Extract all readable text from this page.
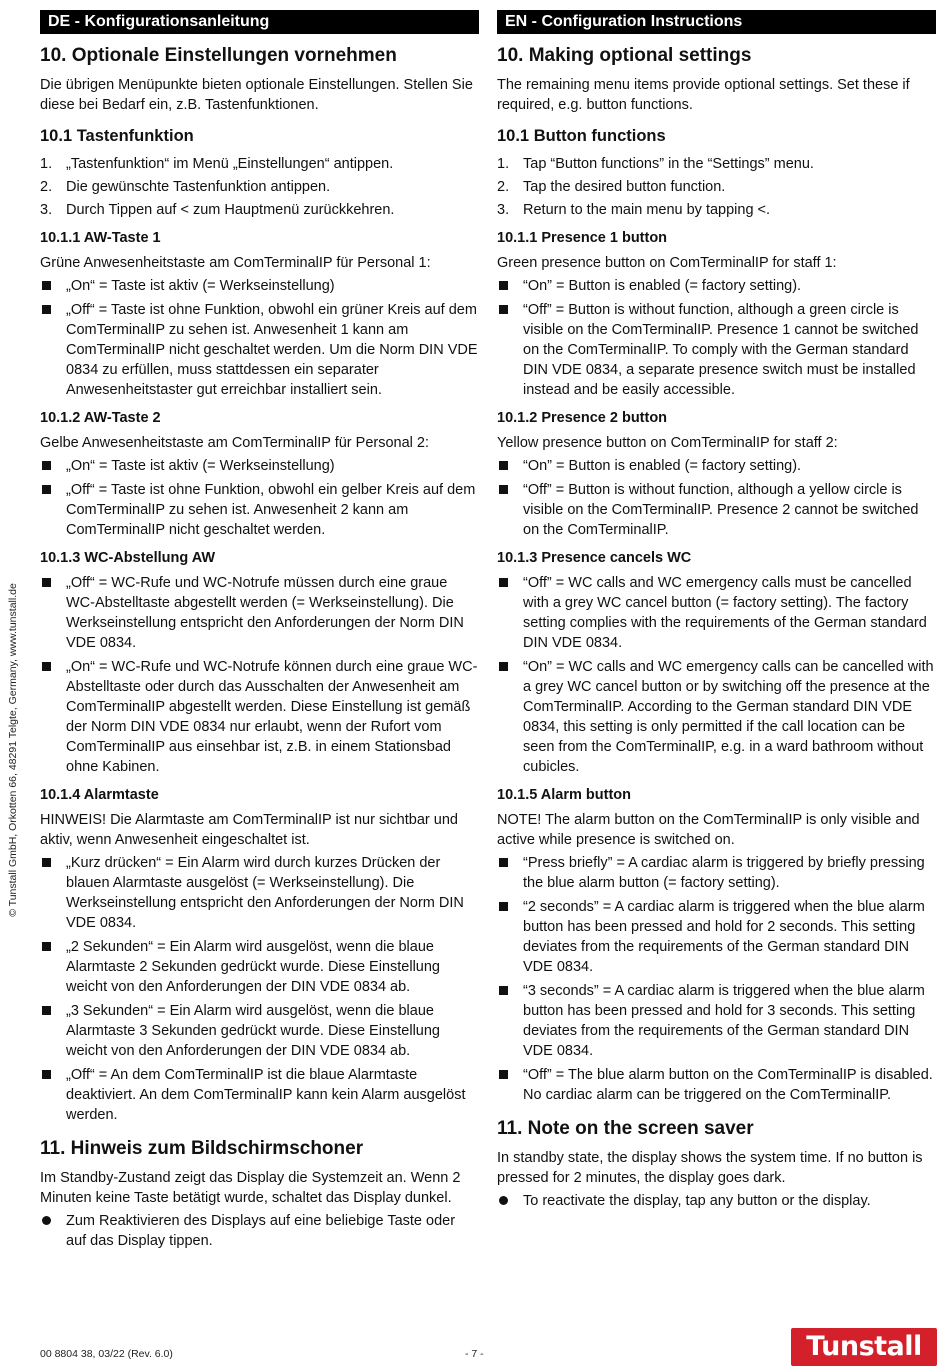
© Tunstall GmbH, Orkotten 66, 48291 Telgte, Germany, www.tunstall.de
DE - Konfigurationsanleitung
10. Optionale Einstellungen vornehmen

Die übrigen Menüpunkte bieten optionale Einstellungen. Stellen Sie diese bei Bedarf ein, z.B. Tastenfunktionen.

10.1 Tastenfunktion
1. „Tastenfunktion“ im Menü „Einstellungen“ antippen.
2. Die gewünschte Tastenfunktion antippen.
3. Durch Tippen auf < zum Hauptmenü zurückkehren.
10.1.1 AW-Taste 1

Grüne Anwesenheitstaste am ComTerminalIP für Personal 1:

„On“ = Taste ist aktiv (= Werkseinstellung)
„Off“ = Taste ist ohne Funktion, obwohl ein grüner Kreis auf dem ComTerminalIP zu sehen ist. Anwesenheit 1 kann am ComTerminalIP nicht geschaltet werden. Um die Norm DIN VDE 0834 zu erfüllen, muss stattdessen ein separater Anwesenheitstaster gut erreichbar installiert sein.
10.1.2 AW-Taste 2

Gelbe Anwesenheitstaste am ComTerminalIP für Personal 2:

„On“ = Taste ist aktiv (= Werkseinstellung)
„Off“ = Taste ist ohne Funktion, obwohl ein gelber Kreis auf dem ComTerminalIP zu sehen ist. Anwesenheit 2 kann am ComTerminalIP nicht geschaltet werden.
10.1.3 WC-Abstellung AW
„Off“ = WC-Rufe und WC-Notrufe müssen durch eine graue WC-Abstelltaste abgestellt werden (= Werkseinstellung). Die Werkseinstellung entspricht den Anforderungen der Norm DIN VDE 0834.
„On“ = WC-Rufe und WC-Notrufe können durch eine graue WC-Abstelltaste oder durch das Ausschalten der Anwesenheit am ComTerminalIP abgestellt werden. Diese Einstellung ist gemäß der Norm DIN VDE 0834 nur erlaubt, wenn der Rufort vom ComTerminalIP aus einsehbar ist, z.B. in einem Stationsbad ohne Kabinen.
10.1.4 Alarmtaste

HINWEIS! Die Alarmtaste am ComTerminalIP ist nur sichtbar und aktiv, wenn Anwesenheit eingeschaltet ist.

„Kurz drücken“ = Ein Alarm wird durch kurzes Drücken der blauen Alarmtaste ausgelöst (= Werkseinstellung). Die Werkseinstellung entspricht den Anforderungen der Norm DIN VDE 0834.
„2 Sekunden“ = Ein Alarm wird ausgelöst, wenn die blaue Alarmtaste 2 Sekunden gedrückt wurde. Diese Einstellung weicht von den Anforderungen der DIN VDE 0834 ab.
„3 Sekunden“ = Ein Alarm wird ausgelöst, wenn die blaue Alarmtaste 3 Sekunden gedrückt wurde. Diese Einstellung weicht von den Anforderungen der DIN VDE 0834 ab.
„Off“ = An dem ComTerminalIP ist die blaue Alarmtaste deaktiviert. An dem ComTerminalIP kann kein Alarm ausgelöst werden.
11. Hinweis zum Bildschirmschoner

Im Standby-Zustand zeigt das Display die Systemzeit an. Wenn 2 Minuten keine Taste betätigt wurde, schaltet das Display dunkel.

Zum Reaktivieren des Displays auf eine beliebige Taste oder auf das Display tippen.
EN - Configuration Instructions
10. Making optional settings

The remaining menu items provide optional settings. Set these if required, e.g. button functions.

10.1 Button functions
1. Tap “Button functions” in the “Settings” menu.
2. Tap the desired button function.
3. Return to the main menu by tapping <.
10.1.1 Presence 1 button

Green presence button on ComTerminalIP for staff 1:

“On” = Button is enabled (= factory setting).
“Off” = Button is without function, although a green circle is visible on the ComTerminalIP. Presence 1 cannot be switched on the ComTerminalIP. To comply with the German standard DIN VDE 0834, a separate presence switch must be installed instead and be easily accessible.
10.1.2 Presence 2 button

Yellow presence button on ComTerminalIP for staff 2:

“On” = Button is enabled (= factory setting).
“Off” = Button is without function, although a yellow circle is visible on the ComTerminalIP. Presence 2 cannot be switched on the ComTerminalIP.
10.1.3 Presence cancels WC
“Off” = WC calls and WC emergency calls must be cancelled with a grey WC cancel button (= factory setting). The factory setting complies with the requirements of the German standard DIN VDE 0834.
“On” = WC calls and WC emergency calls can be cancelled with a grey WC cancel button or by switching off the presence at the ComTerminalIP. According to the German standard DIN VDE 0834, this setting is only permitted if the call location can be seen from the ComTerminalIP, e.g. in a ward bathroom without cubicles.
10.1.5 Alarm button

NOTE! The alarm button on the ComTerminalIP is only visible and active while presence is switched on.

“Press briefly” = A cardiac alarm is triggered by briefly pressing the blue alarm button (= factory setting).
“2 seconds” = A cardiac alarm is triggered when the blue alarm button has been pressed and hold for 2 seconds. This setting deviates from the requirements of the German standard DIN VDE 0834.
“3 seconds” = A cardiac alarm is triggered when the blue alarm button has been pressed and hold for 3 seconds. This setting deviates from the requirements of the German standard DIN VDE 0834.
“Off” = The blue alarm button on the ComTerminalIP is disabled. No cardiac alarm can be triggered on the ComTerminalIP.
11. Note on the screen saver

In standby state, the display shows the system time. If no button is pressed for 2 minutes, the display goes dark.

To reactivate the display, tap any button or the display.
00 8804 38, 03/22 (Rev. 6.0)	- 7 -	Tunstall
